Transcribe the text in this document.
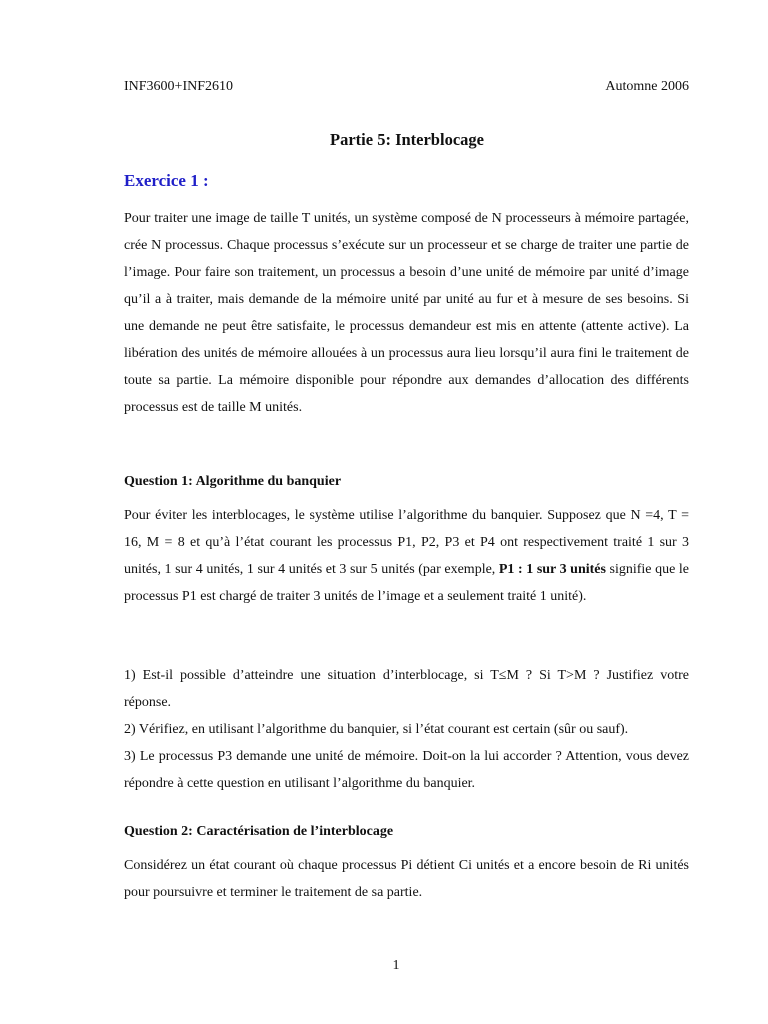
INF3600+INF2610	Automne 2006
Partie 5: Interblocage
Exercice 1 :

Pour traiter une image de taille T unités, un système composé de N processeurs à mémoire partagée, crée N processus. Chaque processus s’exécute sur un processeur et se charge de traiter une partie de l’image. Pour faire son traitement, un processus a besoin d’une unité de mémoire par unité d’image qu’il a à traiter, mais demande de la mémoire unité par unité au fur et à mesure de ses besoins. Si une demande ne peut être satisfaite, le processus demandeur est mis en attente (attente active). La libération des unités de mémoire allouées à un processus aura lieu lorsqu’il aura fini le traitement de toute sa partie. La mémoire disponible pour répondre aux demandes d’allocation des différents processus est de taille M unités.

Question 1: Algorithme du banquier

Pour éviter les interblocages, le système utilise l’algorithme du banquier. Supposez que N =4, T = 16, M = 8 et qu’à l’état courant les processus P1, P2, P3 et P4 ont respectivement traité 1 sur 3 unités, 1 sur 4 unités, 1 sur 4 unités et 3 sur 5 unités (par exemple, P1 : 1 sur 3 unités signifie que le processus P1 est chargé de traiter 3 unités de l’image et a seulement traité 1 unité).

1) Est-il possible d’atteindre une situation d’interblocage, si T≤M ? Si T>M ? Justifiez votre réponse.

2) Vérifiez, en utilisant l’algorithme du banquier, si l’état courant est certain (sûr ou sauf).

3) Le processus P3 demande une unité de mémoire. Doit-on la lui accorder ? Attention, vous devez répondre à cette question en utilisant l’algorithme du banquier.

Question 2: Caractérisation de l’interblocage

Considérez un état courant où chaque processus Pi détient Ci unités et a encore besoin de Ri unités pour poursuivre et terminer le traitement de sa partie.

1
